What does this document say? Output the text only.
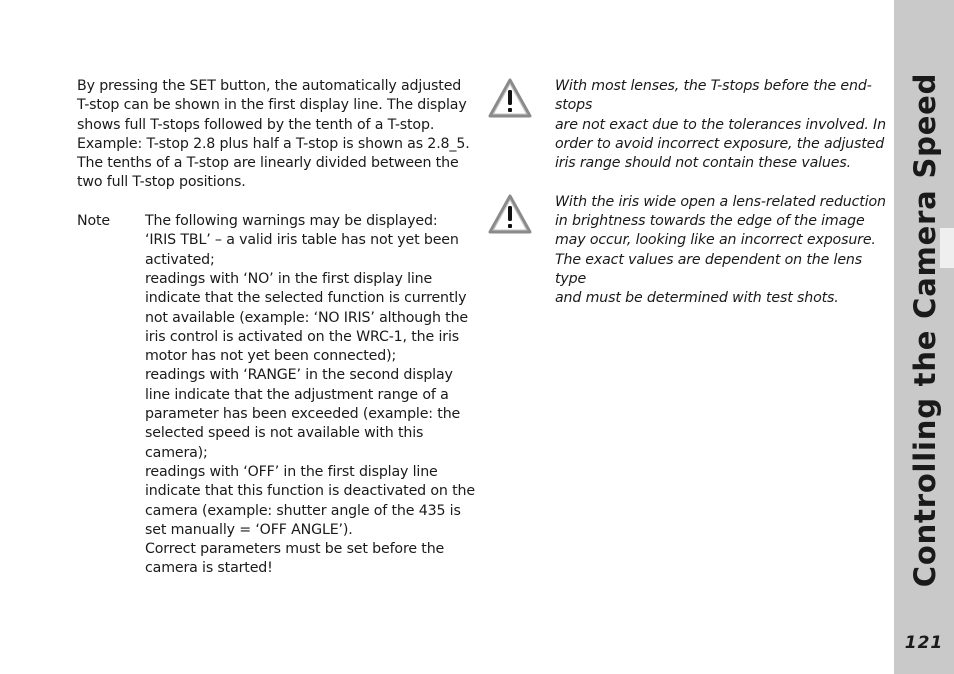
By pressing the SET button, the automatically adjusted

T-stop can be shown in the first display line. The display

shows full T-stops followed by the tenth of a T-stop.

Example: T-stop 2.8 plus half a T-stop is shown as 2.8_5.

The tenths of a T-stop are linearly divided between the

two full T-stop positions.

Note	The following warnings may be displayed:

‘IRIS TBL’ – a valid iris table has not yet been

activated;

readings with ‘NO’ in the first display line

indicate that the selected function is currently

not available (example: ‘NO IRIS’ although the

iris control is activated on the WRC-1, the iris

motor has not yet been connected);

readings with ‘RANGE’ in the second display

line indicate that the adjustment range of a

parameter has been exceeded (example: the

selected speed is not available with this camera);

readings with ‘OFF’ in the first display line

indicate that this function is deactivated on the

camera (example: shutter angle of the 435 is

set manually = ‘OFF ANGLE’).

Correct parameters must be set before the

camera is started!

With most lenses, the T-stops before the end-stops
are not exact due to the tolerances involved. In
order to avoid incorrect exposure, the adjusted
iris range should not contain these values.
With the iris wide open a lens-related reduction
in brightness towards the edge of the image
may occur, looking like an incorrect exposure.
The exact values are dependent on the lens type
and must be determined with test shots.	Controlling the Camera Speed
121
